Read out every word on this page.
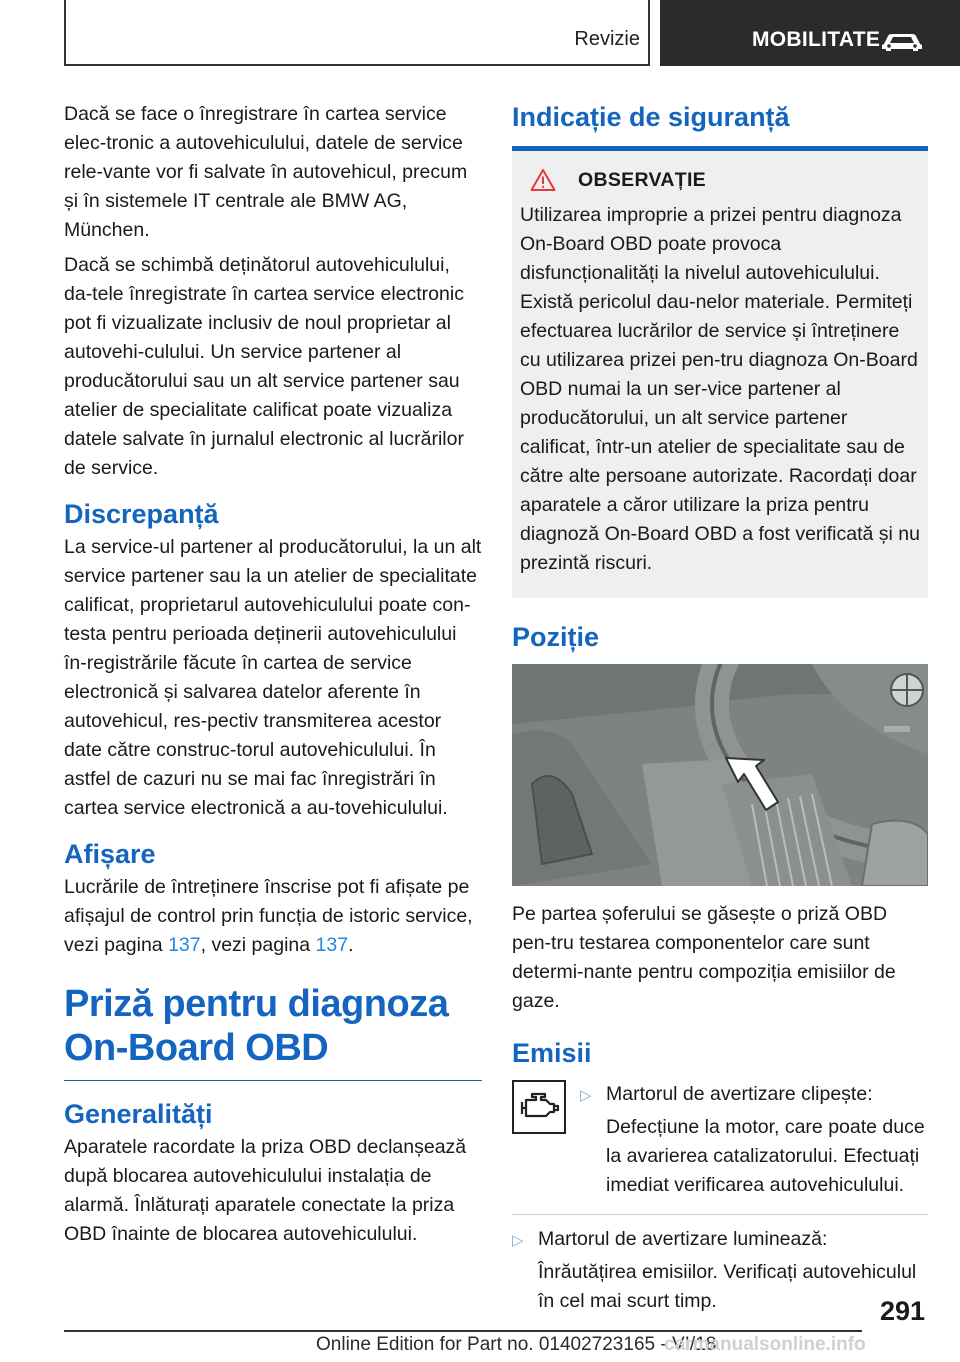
Revizie	MOBILITATE

Dacă se face o înregistrare în cartea service elec-tronic a autovehiculului, datele de service rele-vante vor fi salvate în autovehicul, precum și în sistemele IT centrale ale BMW AG, München.

Dacă se schimbă deținătorul autovehiculului, da-tele înregistrate în cartea service electronic pot fi vizualizate inclusiv de noul proprietar al autovehi-culului. Un service partener al producătorului sau un alt service partener sau atelier de specialitate calificat poate vizualiza datele salvate în jurnalul electronic al lucrărilor de service.

Discrepanță

La service-ul partener al producătorului, la un alt service partener sau la un atelier de specialitate calificat, proprietarul autovehiculului poate con-testa pentru perioada deținerii autovehiculului în-registrările făcute în cartea de service electronică și salvarea datelor aferente în autovehicul, res-pectiv transmiterea acestor date către construc-torul autovehiculului. În astfel de cazuri nu se mai fac înregistrări în cartea service electronică a au-tovehiculului.

Afișare

Lucrările de întreținere înscrise pot fi afișate pe afișajul de control prin funcția de istoric service, vezi pagina 137, vezi pagina 137.

Priză pentru diagnoza On-Board OBD
Generalități

Aparatele racordate la priza OBD declanșează după blocarea autovehiculului instalația de alarmă. Înlăturați aparatele conectate la priza OBD înainte de blocarea autovehiculului.

Indicație de siguranță
OBSERVAȚIE

Utilizarea improprie a prizei pentru diagnoza On-Board OBD poate provoca disfuncționalități la nivelul autovehiculului. Există pericolul dau-nelor materiale. Permiteți efectuarea lucrărilor de service și întreținere cu utilizarea prizei pen-tru diagnoza On-Board OBD numai la un ser-vice partener al producătorului, un alt service partener calificat, într-un atelier de specialitate sau de către alte persoane autorizate. Racordați doar aparatele a căror utilizare la priza pentru diagnoză On-Board OBD a fost verificată și nu prezintă riscuri.

Poziție

Pe partea șoferului se găsește o priză OBD pen-tru testarea componentelor care sunt determi-nante pentru compoziția emisiilor de gaze.

Emisii
▷ Martorul de avertizare clipește:
Defecțiune la motor, care poate duce la avarierea catalizatorului. Efectuați imediat verificarea autovehiculului.
▷ Martorul de avertizare luminează:
Înrăutățirea emisiilor. Verificați autovehiculul în cel mai scurt timp.	291
Online Edition for Part no. 01402723165 - VI/18
carmanualsonline.info
